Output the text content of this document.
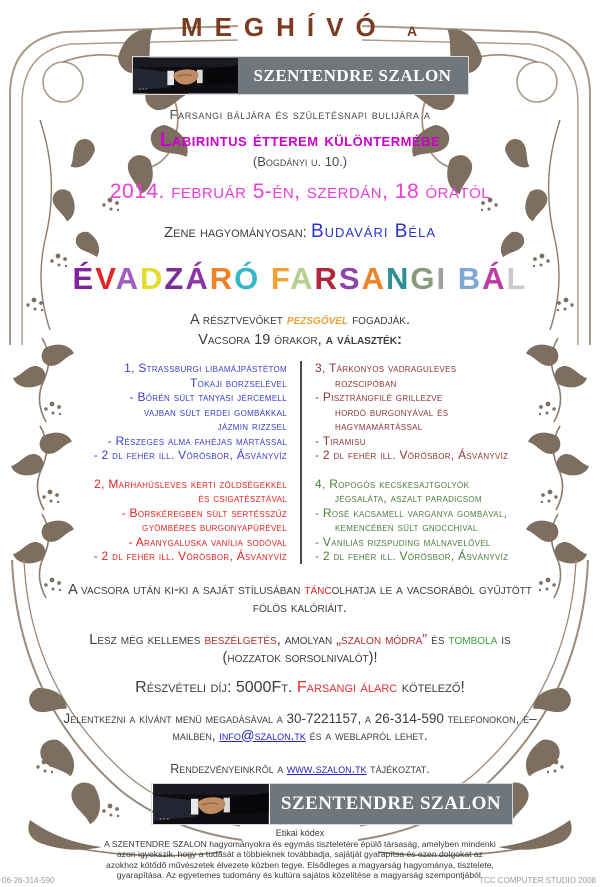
MEGHÍVÓ A
SZENTENDRE SZALON

Farsangi báljára és születésnapi bulijára a

Labirintus étterem különtermébe

(Bogdányi u. 10.)

2014. február 5-én, szerdán, 18 órától

Zene hagyományosan: Budavári Béla

ÉVADZÁRÓ FARSANGI BÁL

A résztvevőket pezsgővel fogadják.

Vacsora 19 órakor, a választék:

1, Strassburgi libamájpástétom
Tokaji borzselével
- Bőrén sült tanyasi jércemell
vajban sült erdei gombákkal
jázmin rizzsel
- Részeges alma fahéjas mártással
- 2 dl fehér ill. Vörösbor, Ásványvíz
2, Marhahúsleves kerti zöldségekkel
és csigatésztával
- Borskéregben sült sertésszűz
gyömbéres burgonyapürével
- Aranygaluska vanília sodóval
- 2 dl fehér ill. Vörösbor, Ásványvíz
3, Tárkonyos vadraguleves
rozscipóban
- Pisztrángfilé grillezve
hordó burgonyával és
hagymamártással
- Tiramisu
- 2 dl fehér ill. Vörösbor, Ásványvíz
4, Ropogós kecskesajtgolyók
jégsaláta, aszalt paradicsom
- Rosé kacsamell vargánya gombával,
kemencében sült gnocchival
- Vaníliás rizspuding málnavelővel
- 2 dl fehér ill. Vörösbor, Ásványvíz

A vacsora után ki-ki a saját stílusában táncolhatja le a vacsorából gyűjtött fölös kalóriáit.

Lesz még kellemes beszélgetés, amolyan „szalon módra” és tombola is (hozzatok sorsolnivalót)!

Részvételi díj: 5000Ft. Farsangi álarc kötelező!

Jelentkezni a kívánt menü megadásával a 30-7221157, a 26-314-590 telefonokon, e–mailben, info@szalon.tk és a weblapról lehet.

Rendezvényeinkről a www.szalon.tk tájékoztat.

SZENTENDRE SZALON

Etikai kódex

A SZENTENDRE SZALON hagyományokra és egymás tiszteletére épülő társaság, amelyben mindenki azon igyekszik, hogy a tudását a többieknek továbbadja, sajátját gyarapítsa és ezen dolgokat az azokhoz kötődő művészetek élvezete közben tegye. Elsődleges a magyarság hagyománya, tisztelete, gyarapítása. Az egyetemes tudomány és kultúra sajátos közelítése a magyarság szempontjából.

06-26-314-590	TCC COMPUTER STUDIO 2008
